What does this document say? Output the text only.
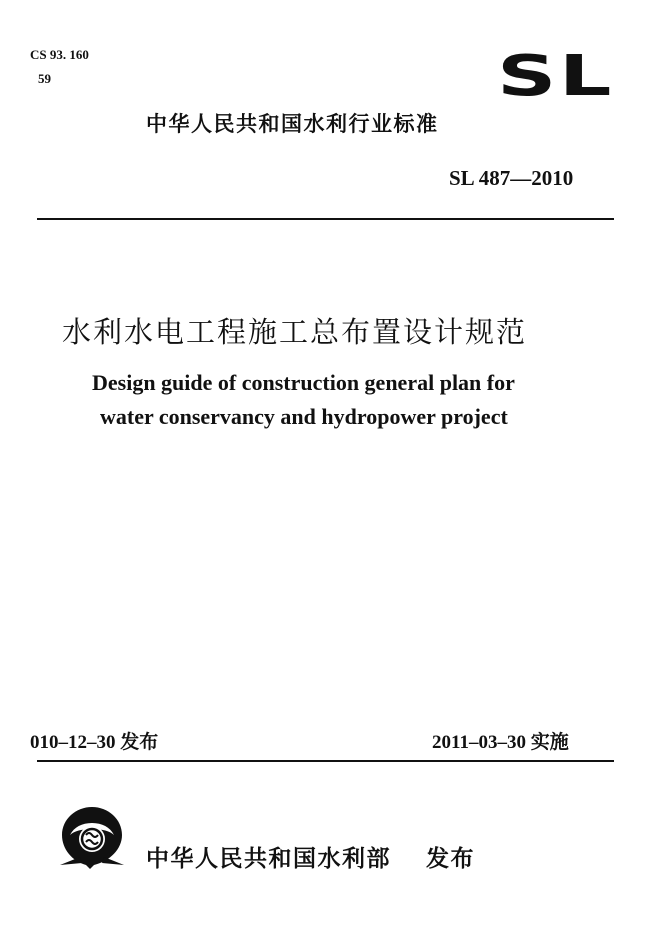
CS 93. 160
59	SL
中华人民共和国水利行业标准
SL 487—2010
水利水电工程施工总布置设计规范
Design guide of construction general plan for
water conservancy and hydropower project
010–12–30 发布	2011–03–30 实施
中华人民共和国水利部 发布
